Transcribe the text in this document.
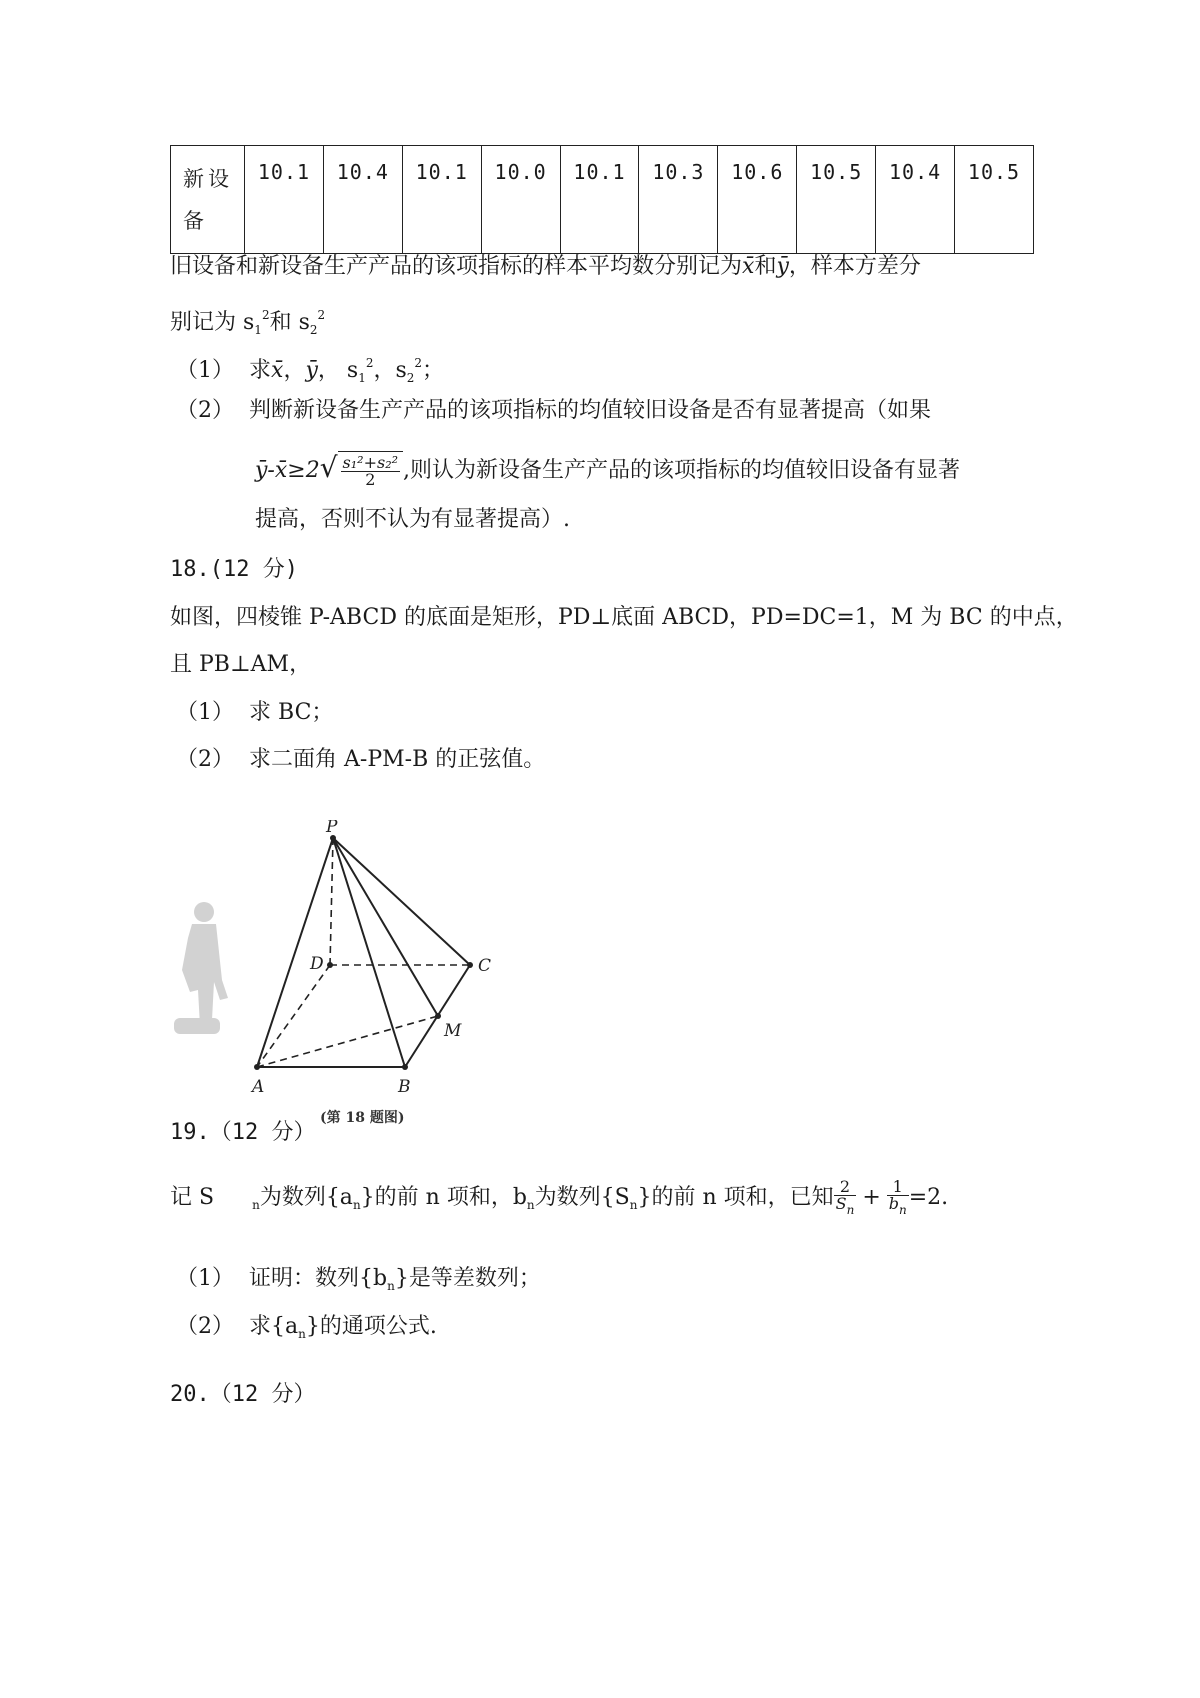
新设备	10.1	10.4	10.1	10.0	10.1	10.3	10.6	10.5	10.4	10.5
旧设备和新设备生产产品的该项指标的样本平均数分别记为x̄和ȳ，样本方差分
别记为 $s_1^2$和 $s_2^2$
（1） 求x̄，ȳ， $s_1^2$，$s_2^2$；
（2） 判断新设备生产产品的该项指标的均值较旧设备是否有显著提高（如果
ȳ-x̄≥2√ $\frac{\text{s₁²+s₂²}}{2}$ ,则认为新设备生产产品的该项指标的均值较旧设备有显著
提高，否则不认为有显著提高）.
18.(12 分)
如图，四棱锥 P-ABCD 的底面是矩形，PD⊥底面 ABCD，PD=DC=1，M 为 BC 的中点，
且 PB⊥AM，
（1） 求 BC；
（2） 求二面角 A-PM-B 的正弦值。
P
D	C
M
A	B
(第 18 题图)
19.（12 分）
记 S	$_n$为数列$\{a_n\}$的前 n 项和，$b_n$为数列$\{S_n\}$的前 n 项和，已知 $\frac{2}{S_n} + \frac{1}{b_n} =2$.
（1） 证明：数列$\{b_n\}$是等差数列；
（2） 求$\{a_n\}$的通项公式.
20.（12 分）
